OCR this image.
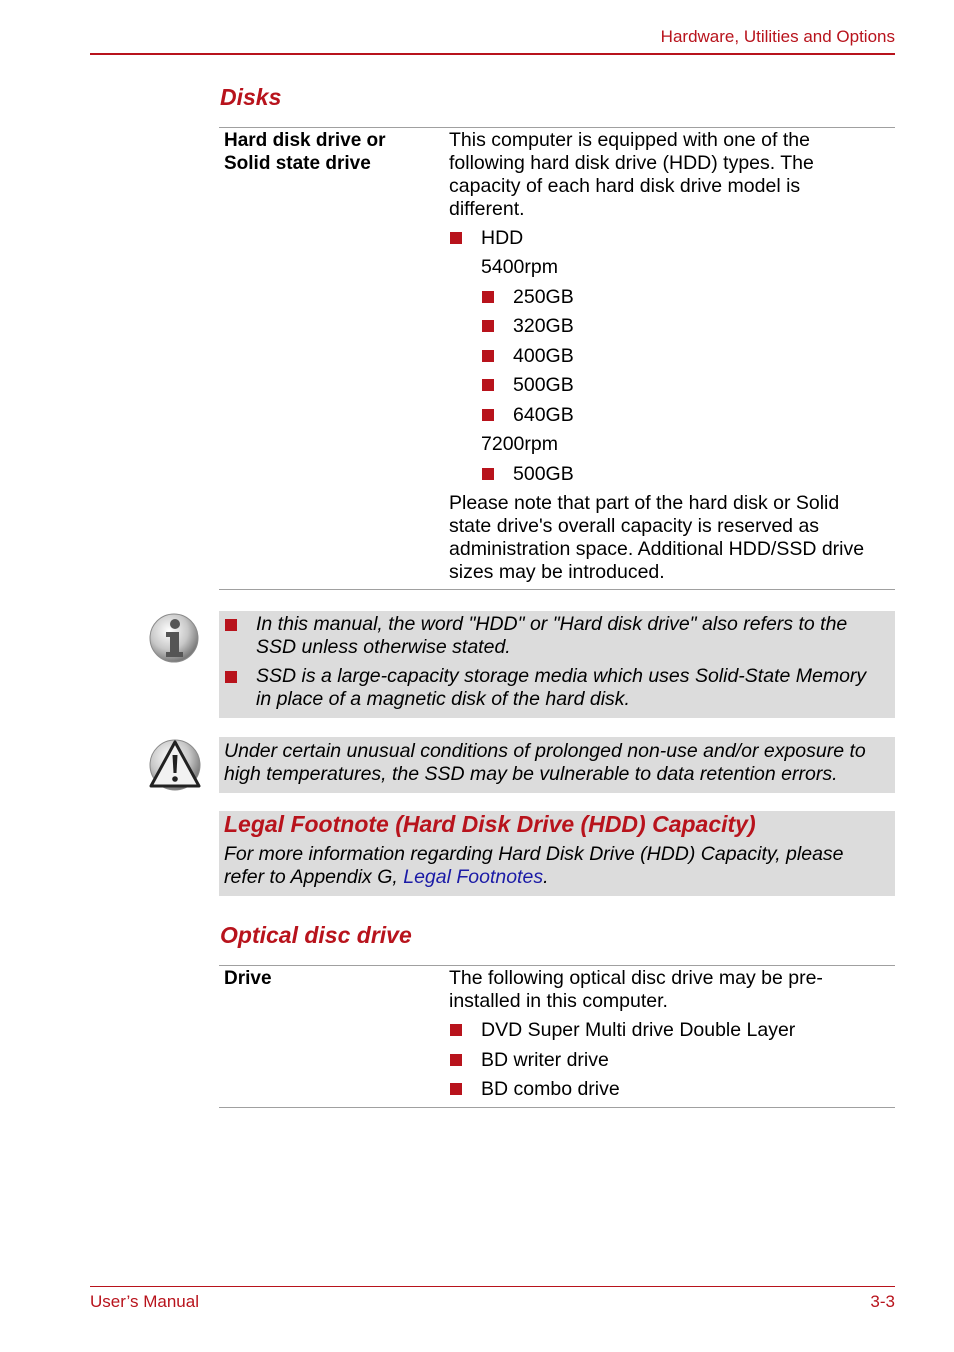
Hardware, Utilities and Options
Disks
Hard disk drive or
Solid state drive
This computer is equipped with one of the
following hard disk drive (HDD) types. The
capacity of each hard disk drive model is
different.
HDD
5400rpm
250GB
320GB
400GB
500GB
640GB
7200rpm
500GB
Please note that part of the hard disk or Solid
state drive's overall capacity is reserved as
administration space. Additional HDD/SSD drive
sizes may be introduced.
In this manual, the word "HDD" or "Hard disk drive" also refers to the
SSD unless otherwise stated.
SSD is a large-capacity storage media which uses Solid-State Memory
in place of a magnetic disk of the hard disk.
Under certain unusual conditions of prolonged non-use and/or exposure to
high temperatures, the SSD may be vulnerable to data retention errors.
Legal Footnote (Hard Disk Drive (HDD) Capacity)
For more information regarding Hard Disk Drive (HDD) Capacity, please
refer to Appendix G, Legal Footnotes.
Optical disc drive
Drive	The following optical disc drive may be pre-
installed in this computer.
DVD Super Multi drive Double Layer
BD writer drive
BD combo drive
User’s Manual	3-3
